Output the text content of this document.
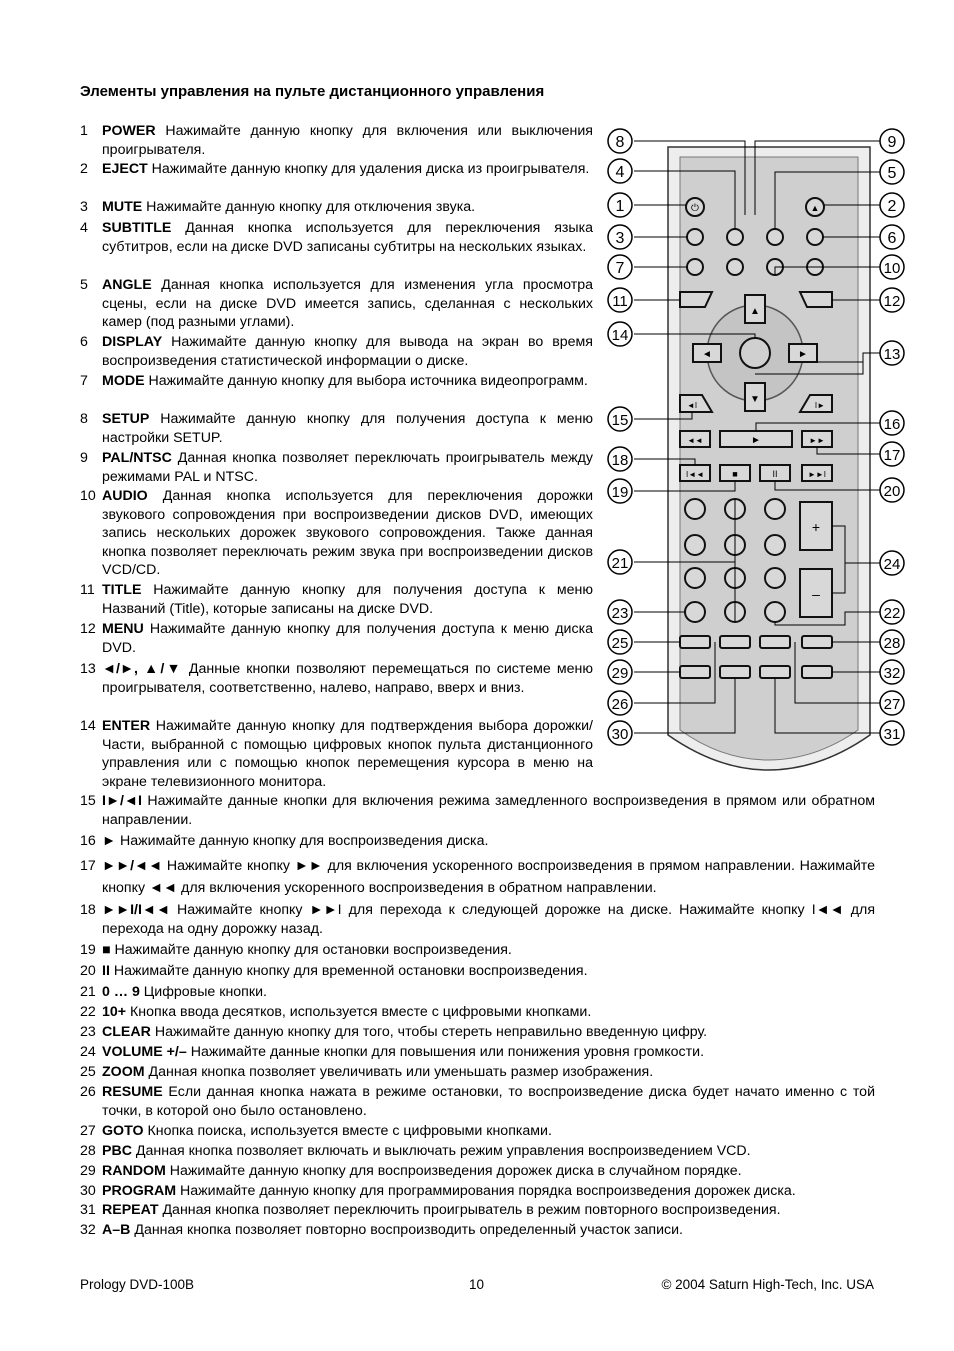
Элементы управления на пульте дистанционного управления
1 POWER Нажимайте данную кнопку для включения или выключения проигрывателя.
2 EJECT Нажимайте данную кнопку для удаления диска из проигрывателя.
3 MUTE Нажимайте данную кнопку для отключения звука.
4 SUBTITLE Данная кнопка используется для переключения языка субтитров, если на диске DVD записаны субтитры на нескольких языках.
5 ANGLE Данная кнопка используется для изменения угла просмотра сцены, если на диске DVD имеется запись, сделанная с нескольких камер (под разными углами).
6 DISPLAY Нажимайте данную кнопку для вывода на экран во время воспроизведения статистической информации о диске.
7 MODE Нажимайте данную кнопку для выбора источника видеопрограмм.
8 SETUP Нажимайте данную кнопку для получения доступа к меню настройки SETUP.
9 PAL/NTSC Данная кнопка позволяет переключать проигрыватель между режимами PAL и NTSC.
10 AUDIO Данная кнопка используется для переключения дорожки звукового сопровождения при воспроизведении дисков DVD, имеющих запись нескольких дорожек звукового сопровождения. Также данная кнопка позволяет переключать режим звука при воспроизведении дисков VCD/CD.
11 TITLE Нажимайте данную кнопку для получения доступа к меню Названий (Title), которые записаны на диске DVD.
12 MENU Нажимайте данную кнопку для получения доступа к меню диска DVD.
13 ◄/►, ▲/▼ Данные кнопки позволяют перемещаться по системе меню проигрывателя, соответственно, налево, направо, вверх и вниз.
14 ENTER Нажимайте данную кнопку для подтверждения выбора дорожки/Части, выбранной с помощью цифровых кнопок пульта дистанционного управления или с помощью кнопок перемещения курсора в меню на экране телевизионного монитора.
15 I►/◄I Нажимайте данные кнопки для включения режима замедленного воспроизведения в прямом или обратном направлении.
16 ► Нажимайте данную кнопку для воспроизведения диска.
17 ►►/◄◄ Нажимайте кнопку ►► для включения ускоренного воспроизведения в прямом направлении. Нажимайте кнопку ◄◄ для включения ускоренного воспроизведения в обратном направлении.
18 ►►I/I◄◄ Нажимайте кнопку ►►I для перехода к следующей дорожке на диске. Нажимайте кнопку I◄◄ для перехода на одну дорожку назад.
19 ■ Нажимайте данную кнопку для остановки воспроизведения.
20 II Нажимайте данную кнопку для временной остановки воспроизведения.
21 0 … 9 Цифровые кнопки.
22 10+ Кнопка ввода десятков, используется вместе с цифровыми кнопками.
23 CLEAR Нажимайте данную кнопку для того, чтобы стереть неправильно введенную цифру.
24 VOLUME +/– Нажимайте данные кнопки для повышения или понижения уровня громкости.
25 ZOOM Данная кнопка позволяет увеличивать или уменьшать размер изображения.
26 RESUME Если данная кнопка нажата в режиме остановки, то воспроизведение диска будет начато именно с той точки, в которой оно было остановлено.
27 GOTO Кнопка поиска, используется вместе с цифровыми кнопками.
28 PBC Данная кнопка позволяет включать и выключать режим управления воспроизведением VCD.
29 RANDOM Нажимайте данную кнопку для воспроизведения дорожек диска в случайном порядке.
30 PROGRAM Нажимайте данную кнопку для программирования порядка воспроизведения дорожек диска.
31 REPEAT Данная кнопка позволяет переключить проигрыватель в режим повторного воспроизведения.
32 A–B Данная кнопка позволяет повторно воспроизводить определенный участок записи.
⏻	▲
▲
▼
◄	►
◄I	I►
◄◄	►	►►
I◄◄	■	II	►►I
+
–
8
4
1
3
7
11
14
15
18
19
21
23
25
29
26
30
9
5
2
6
10
12
13
16
17
20
24
22
28
32
27
31
Prology DVD-100B	10	© 2004 Saturn High-Tech, Inc. USA
